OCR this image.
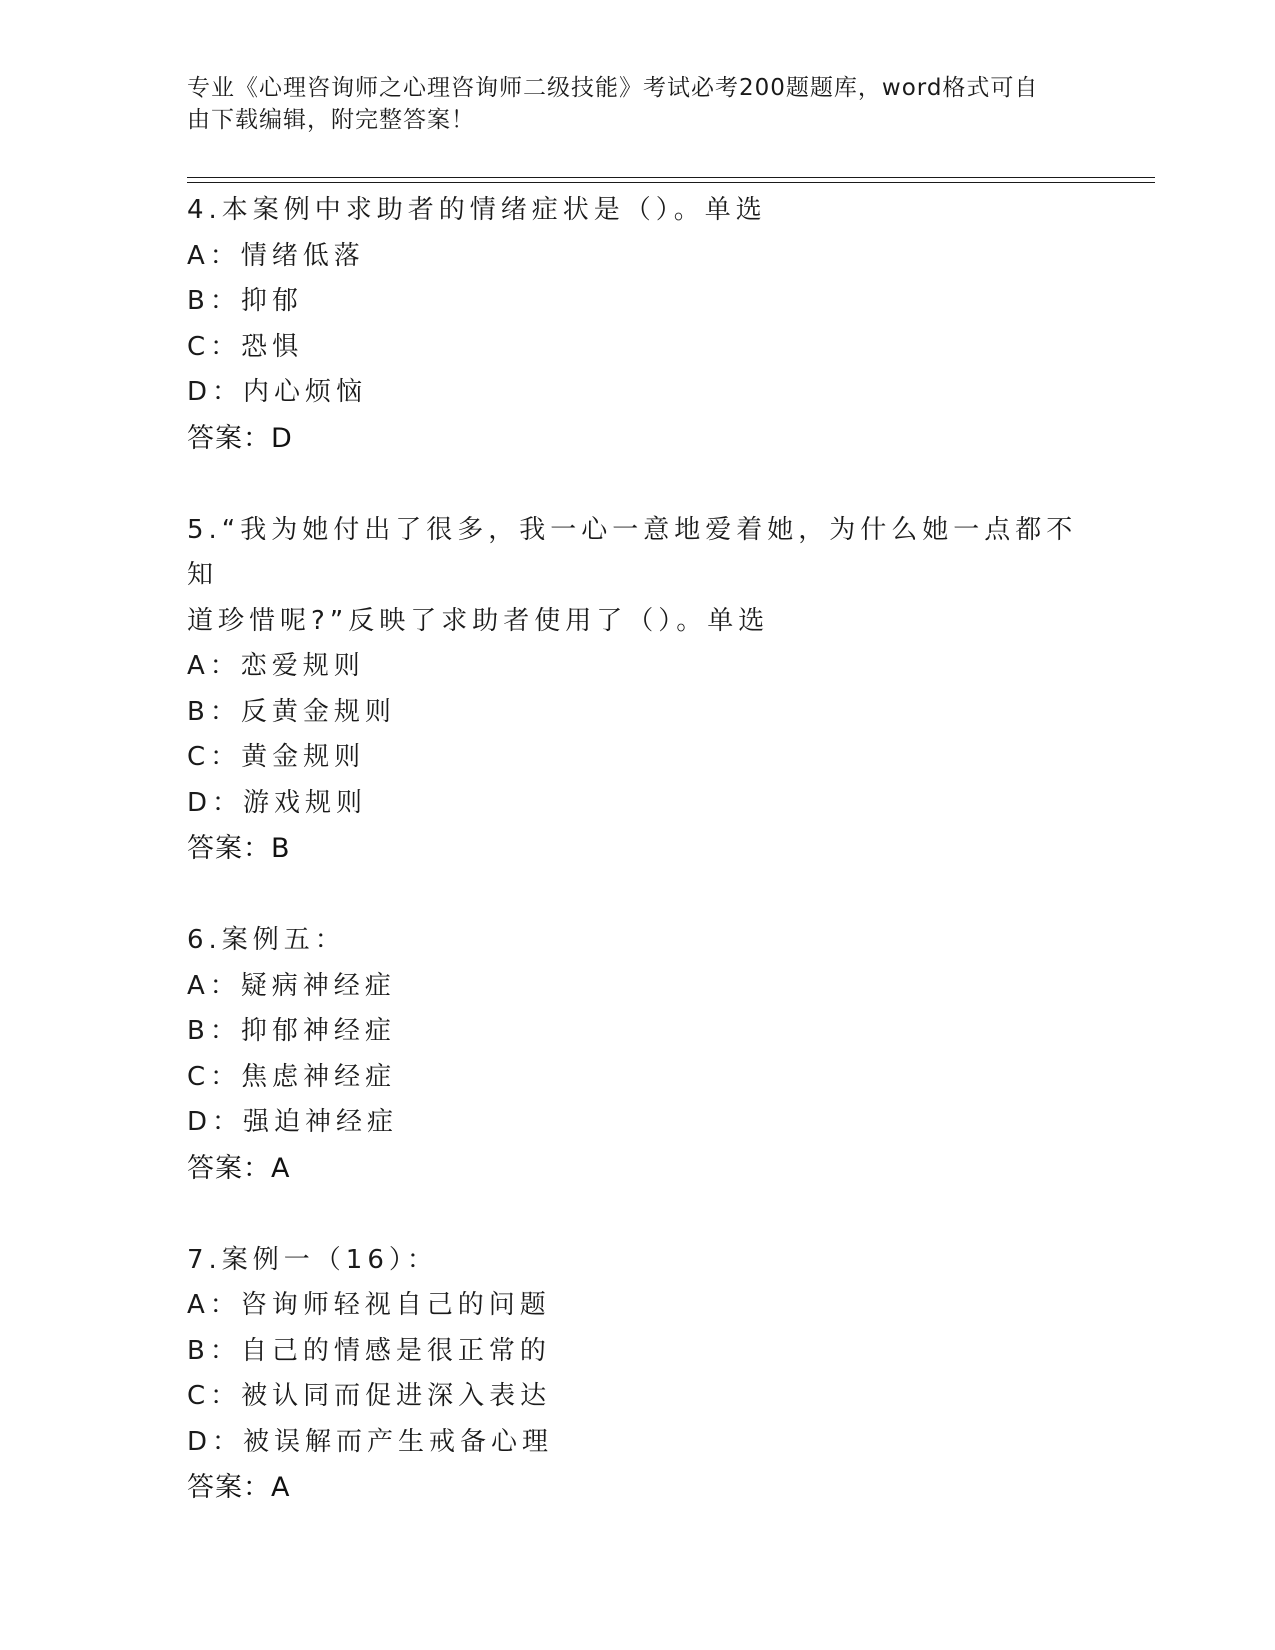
专业《心理咨询师之心理咨询师二级技能》考试必考200题题库，word格式可自
由下载编辑，附完整答案！
4.本案例中求助者的情绪症状是（）。单选
A：情绪低落
B：抑郁
C：恐惧
D：内心烦恼
答案：D
5.“我为她付出了很多，我一心一意地爱着她，为什么她一点都不知
道珍惜呢?”反映了求助者使用了（）。单选
A：恋爱规则
B：反黄金规则
C：黄金规则
D：游戏规则
答案：B
6.案例五：
A：疑病神经症
B：抑郁神经症
C：焦虑神经症
D：强迫神经症
答案：A
7.案例一（16）：
A：咨询师轻视自己的问题
B：自己的情感是很正常的
C：被认同而促进深入表达
D：被误解而产生戒备心理
答案：A
